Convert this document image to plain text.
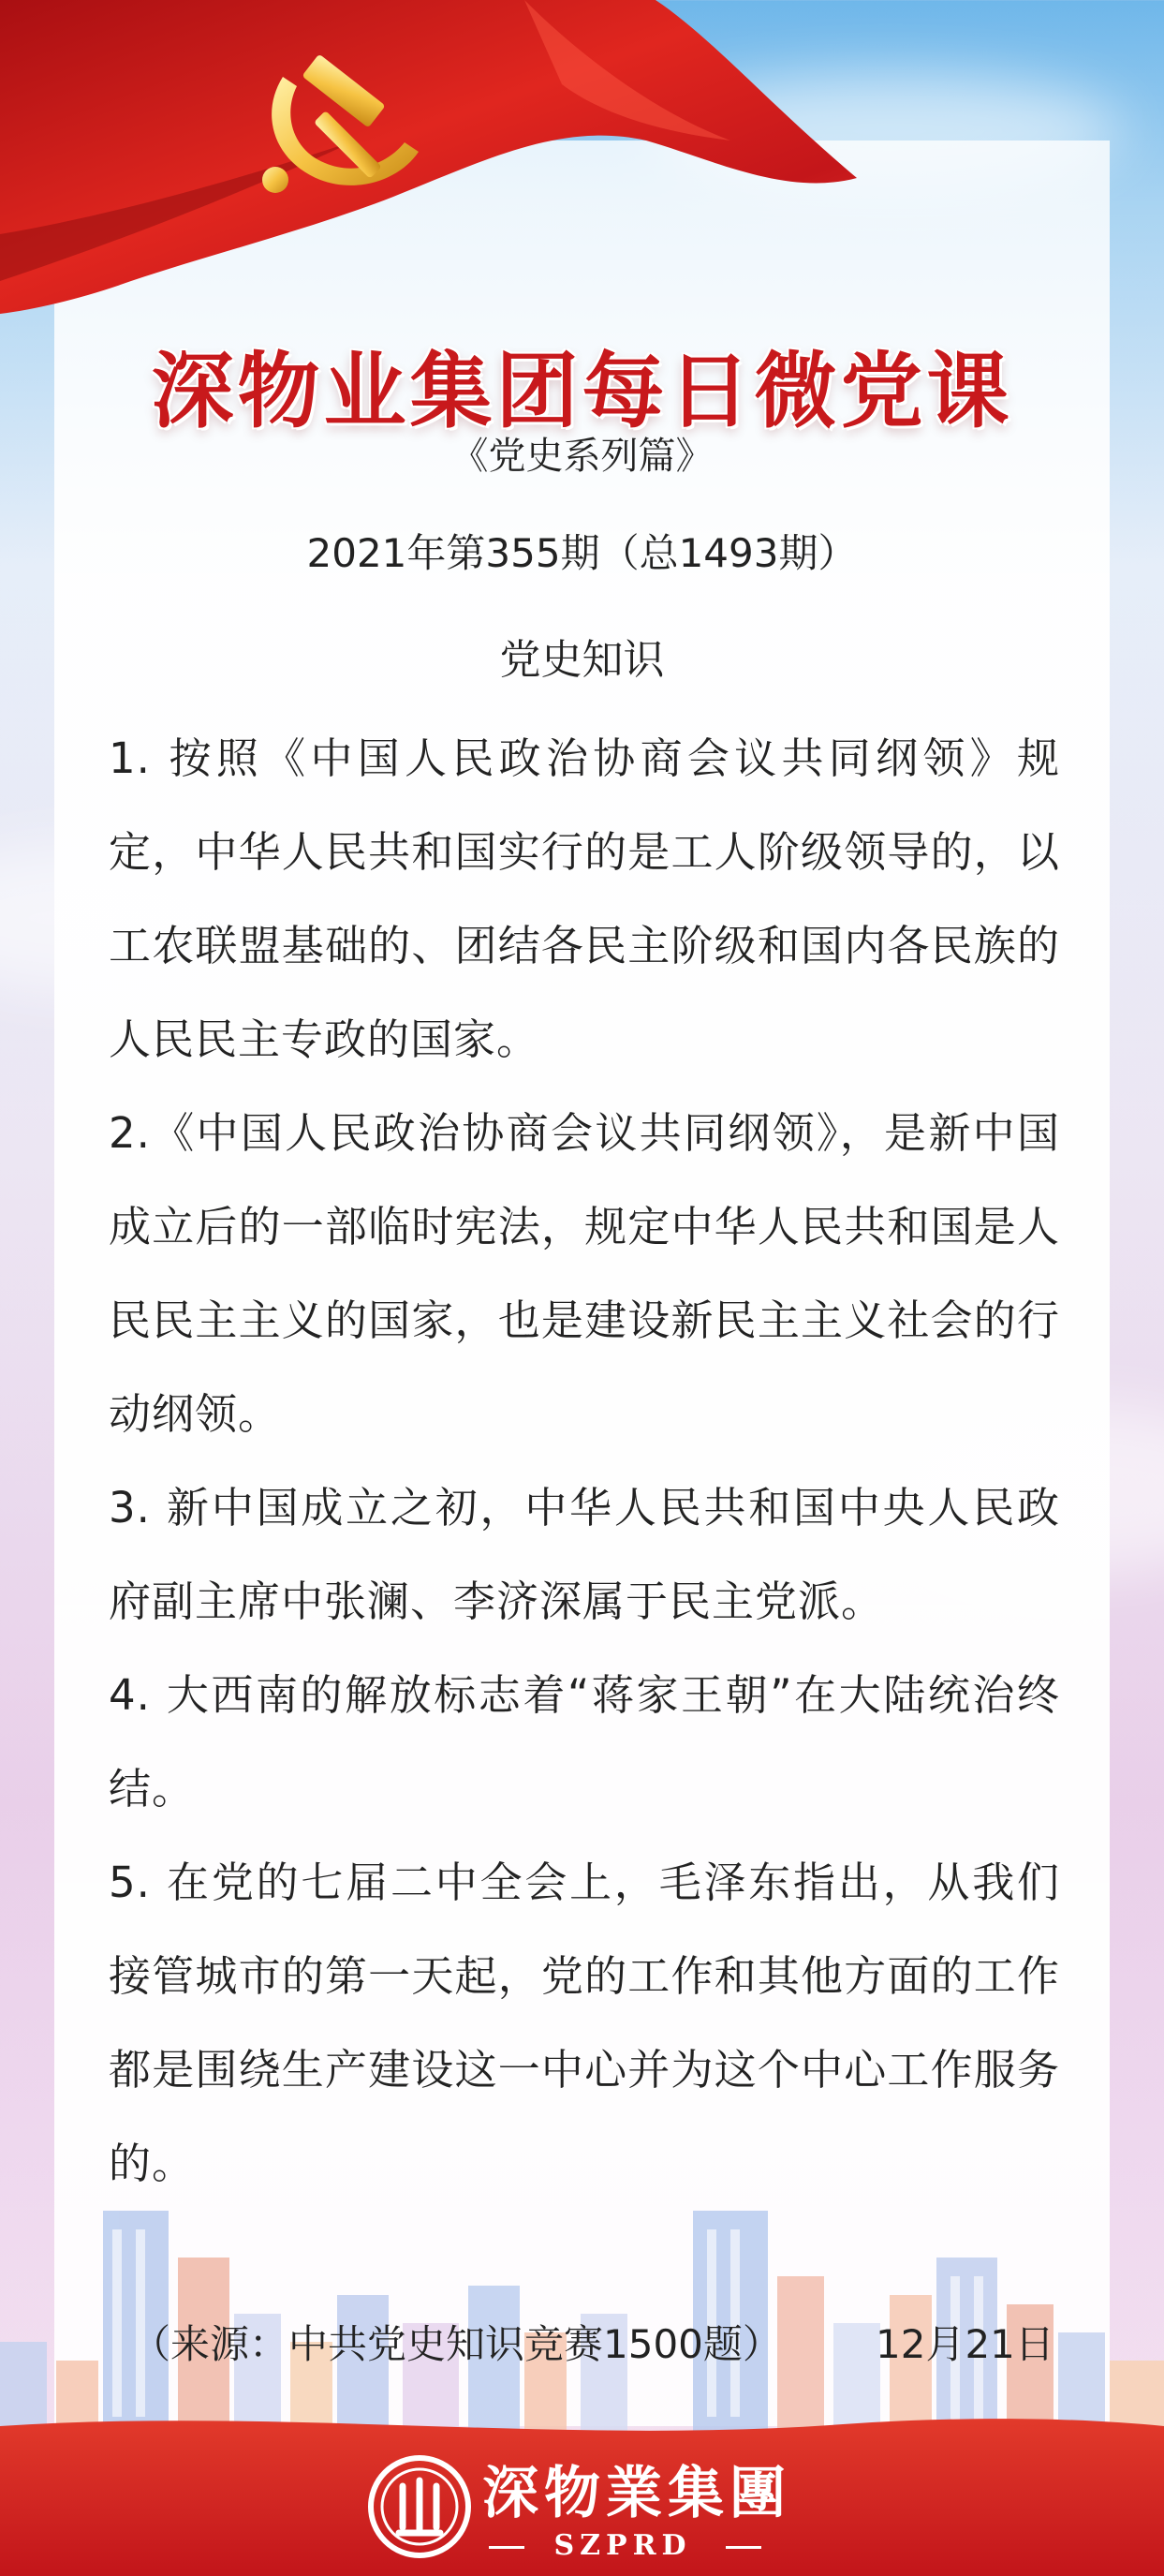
深物业集团每日微党课
《党史系列篇》
2021年第355期（总1493期）
党史知识

1. 按照《中国人民政治协商会议共同纲领》规定，中华人民共和国实行的是工人阶级领导的，以工农联盟基础的、团结各民主阶级和国内各民族的人民民主专政的国家。

2.《中国人民政治协商会议共同纲领》，是新中国成立后的一部临时宪法，规定中华人民共和国是人民民主主义的国家，也是建设新民主主义社会的行动纲领。

3. 新中国成立之初，中华人民共和国中央人民政府副主席中张澜、李济深属于民主党派。

4. 大西南的解放标志着“蒋家王朝”在大陆统治终结。

5. 在党的七届二中全会上，毛泽东指出，从我们接管城市的第一天起，党的工作和其他方面的工作都是围绕生产建设这一中心并为这个中心工作服务的。

（来源：中共党史知识竞赛1500题） 12月21日
深物業集團
SZPRD
